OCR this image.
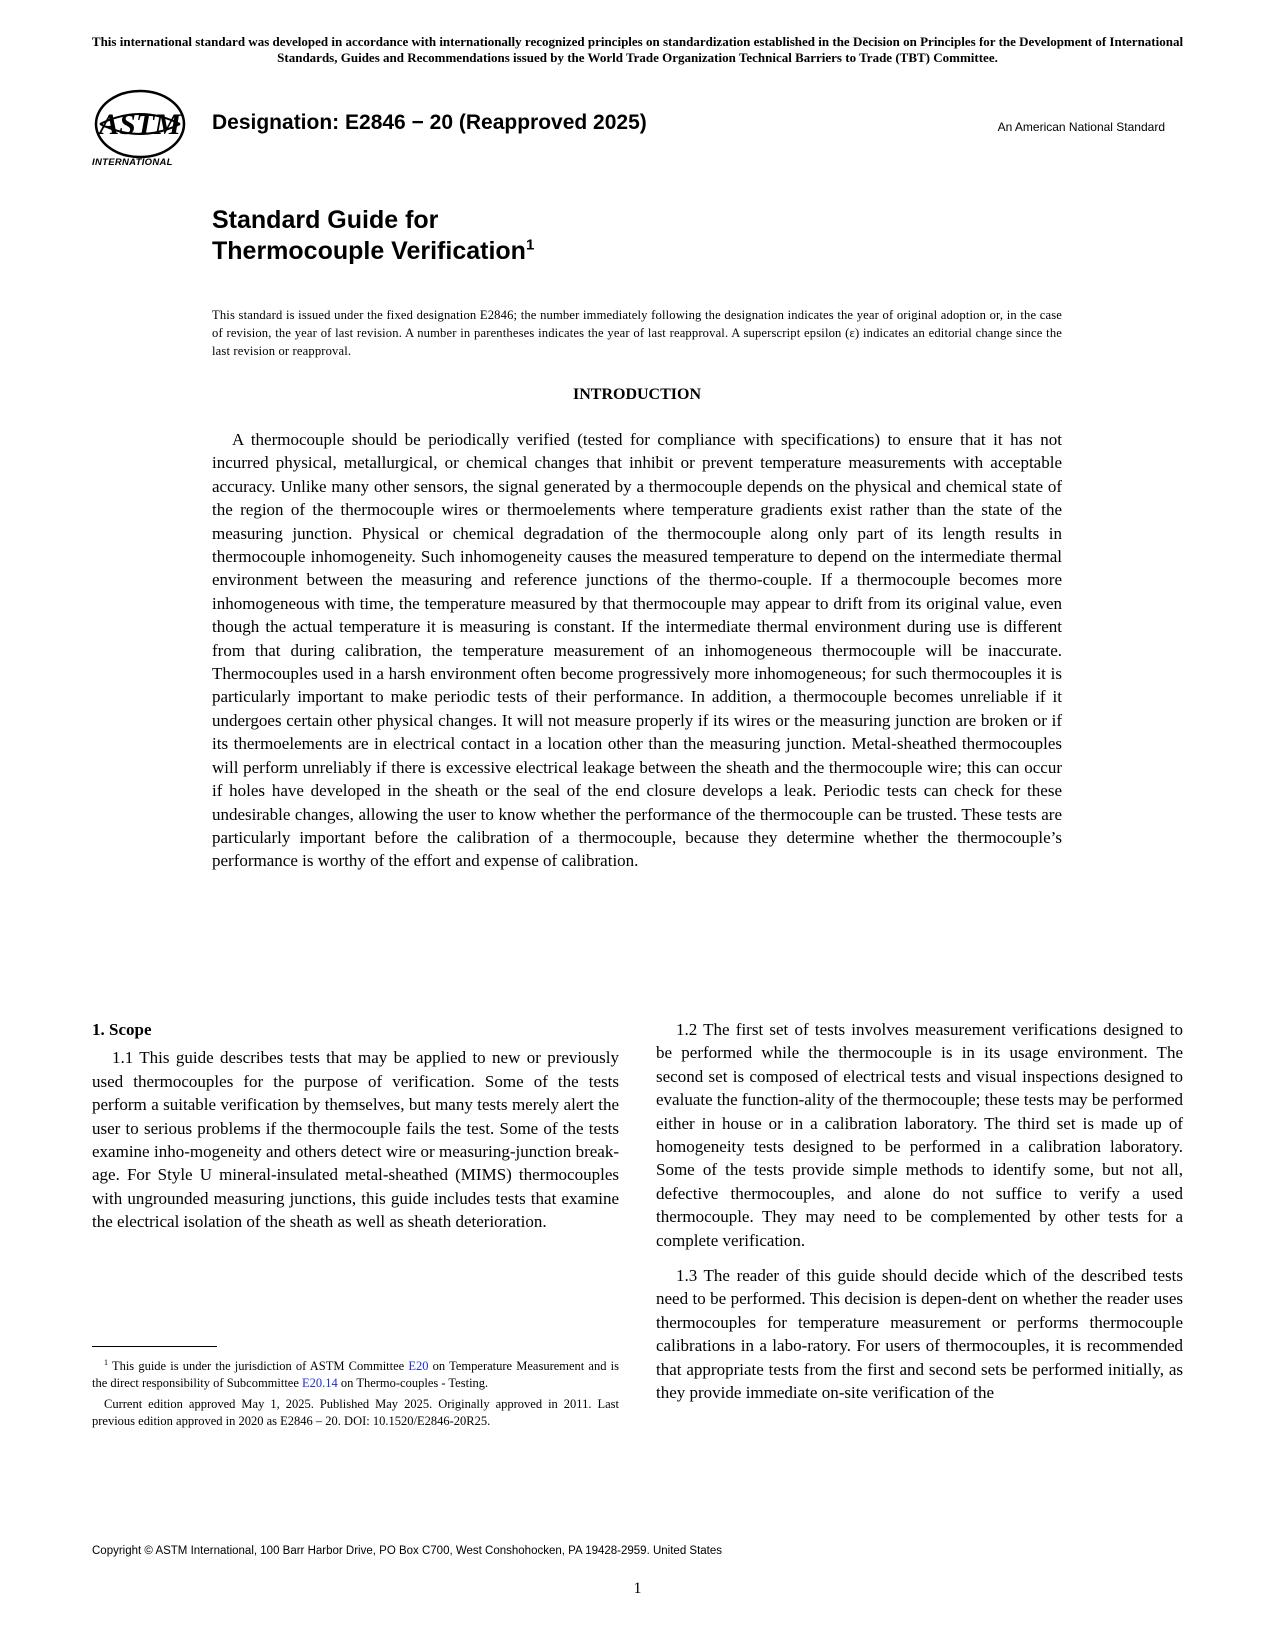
This international standard was developed in accordance with internationally recognized principles on standardization established in the Decision on Principles for the Development of International Standards, Guides and Recommendations issued by the World Trade Organization Technical Barriers to Trade (TBT) Committee.
ASTM
INTERNATIONAL
Designation: E2846 − 20 (Reapproved 2025)	An American National Standard
Standard Guide for
Thermocouple Verification$^1$
This standard is issued under the fixed designation E2846; the number immediately following the designation indicates the year of original adoption or, in the case of revision, the year of last revision. A number in parentheses indicates the year of last reapproval. A superscript epsilon (ε) indicates an editorial change since the last revision or reapproval.
INTRODUCTION
A thermocouple should be periodically verified (tested for compliance with specifications) to ensure that it has not incurred physical, metallurgical, or chemical changes that inhibit or prevent temperature measurements with acceptable accuracy. Unlike many other sensors, the signal generated by a thermocouple depends on the physical and chemical state of the region of the thermocouple wires or thermoelements where temperature gradients exist rather than the state of the measuring junction. Physical or chemical degradation of the thermocouple along only part of its length results in thermocouple inhomogeneity. Such inhomogeneity causes the measured temperature to depend on the intermediate thermal environment between the measuring and reference junctions of the thermo-couple. If a thermocouple becomes more inhomogeneous with time, the temperature measured by that thermocouple may appear to drift from its original value, even though the actual temperature it is measuring is constant. If the intermediate thermal environment during use is different from that during calibration, the temperature measurement of an inhomogeneous thermocouple will be inaccurate. Thermocouples used in a harsh environment often become progressively more inhomogeneous; for such thermocouples it is particularly important to make periodic tests of their performance. In addition, a thermocouple becomes unreliable if it undergoes certain other physical changes. It will not measure properly if its wires or the measuring junction are broken or if its thermoelements are in electrical contact in a location other than the measuring junction. Metal-sheathed thermocouples will perform unreliably if there is excessive electrical leakage between the sheath and the thermocouple wire; this can occur if holes have developed in the sheath or the seal of the end closure develops a leak. Periodic tests can check for these undesirable changes, allowing the user to know whether the performance of the thermocouple can be trusted. These tests are particularly important before the calibration of a thermocouple, because they determine whether the thermocouple’s performance is worthy of the effort and expense of calibration.
1. Scope

1.1 This guide describes tests that may be applied to new or previously used thermocouples for the purpose of verification. Some of the tests perform a suitable verification by themselves, but many tests merely alert the user to serious problems if the thermocouple fails the test. Some of the tests examine inho-mogeneity and others detect wire or measuring-junction break-age. For Style U mineral-insulated metal-sheathed (MIMS) thermocouples with ungrounded measuring junctions, this guide includes tests that examine the electrical isolation of the sheath as well as sheath deterioration.

1.2 The first set of tests involves measurement verifications designed to be performed while the thermocouple is in its usage environment. The second set is composed of electrical tests and visual inspections designed to evaluate the function-ality of the thermocouple; these tests may be performed either in house or in a calibration laboratory. The third set is made up of homogeneity tests designed to be performed in a calibration laboratory. Some of the tests provide simple methods to identify some, but not all, defective thermocouples, and alone do not suffice to verify a used thermocouple. They may need to be complemented by other tests for a complete verification.

1.3 The reader of this guide should decide which of the described tests need to be performed. This decision is depen-dent on whether the reader uses thermocouples for temperature measurement or performs thermocouple calibrations in a labo-ratory. For users of thermocouples, it is recommended that appropriate tests from the first and second sets be performed initially, as they provide immediate on-site verification of the

$^1$ This guide is under the jurisdiction of ASTM Committee E20 on Temperature Measurement and is the direct responsibility of Subcommittee E20.14 on Thermo-couples - Testing.

Current edition approved May 1, 2025. Published May 2025. Originally approved in 2011. Last previous edition approved in 2020 as E2846 – 20. DOI: 10.1520/E2846-20R25.

Copyright © ASTM International, 100 Barr Harbor Drive, PO Box C700, West Conshohocken, PA 19428-2959. United States
1
